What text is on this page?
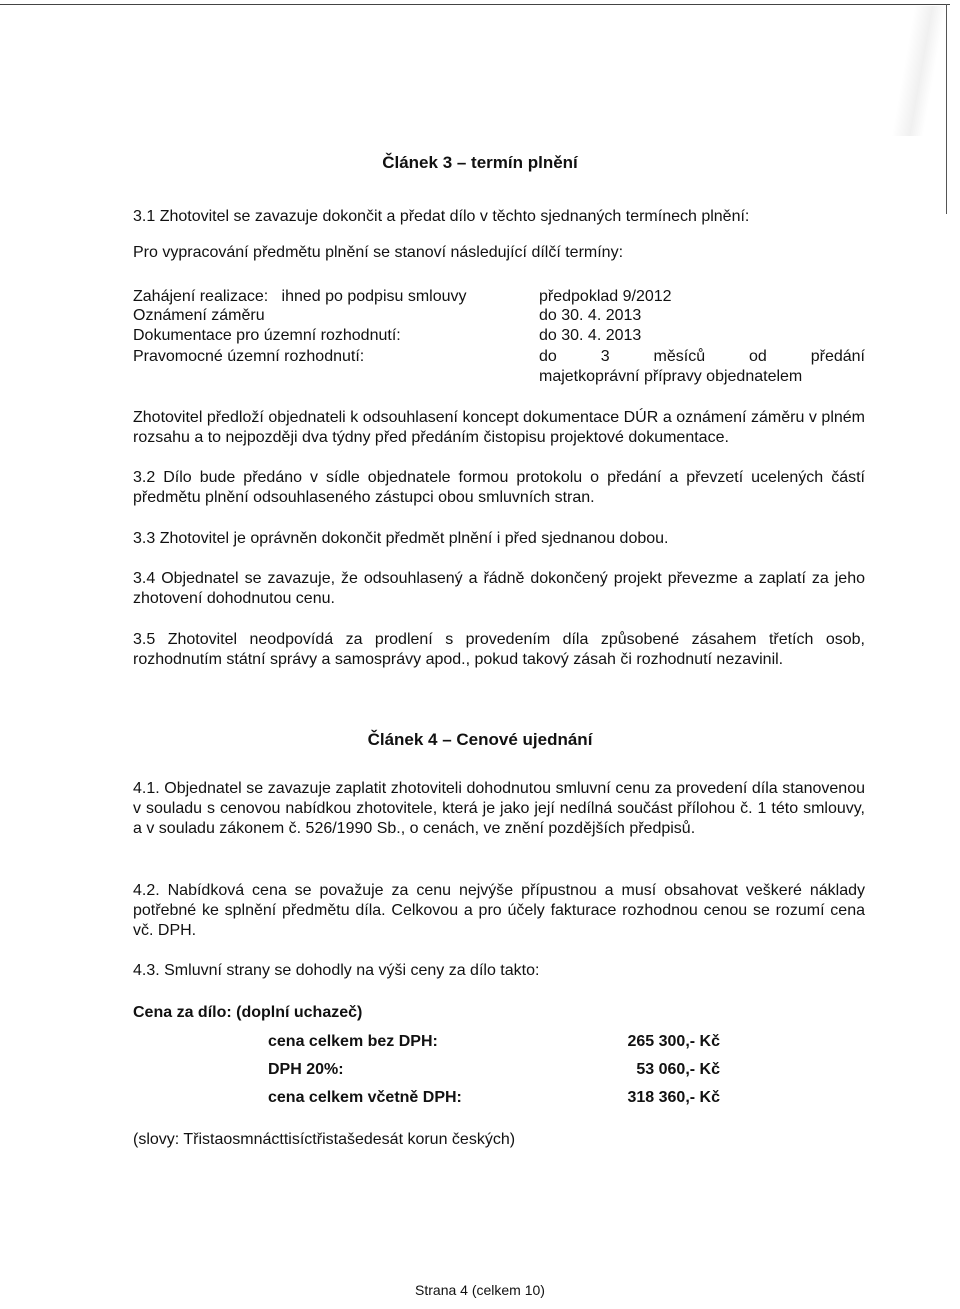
Článek 3 – termín plnění

3.1 Zhotovitel se zavazuje dokončit a předat dílo v těchto sjednaných termínech plnění:

Pro vypracování předmětu plnění se stanoví následující dílčí termíny:

Zahájení realizace:   ihned po podpisu smlouvy	předpoklad 9/2012
Oznámení záměru	do 30. 4. 2013
Dokumentace pro územní rozhodnutí:	do 30. 4. 2013
Pravomocné územní rozhodnutí:	do 3 měsíců od předání
majetkoprávní přípravy objednatelem

Zhotovitel předloží objednateli k odsouhlasení koncept dokumentace DÚR a oznámení záměru v plném rozsahu a to nejpozději dva týdny před předáním čistopisu projektové dokumentace.

3.2 Dílo bude předáno v sídle objednatele formou protokolu o předání a převzetí ucelených částí předmětu plnění odsouhlaseného zástupci obou smluvních stran.

3.3 Zhotovitel je oprávněn dokončit předmět plnění i před sjednanou dobou.

3.4 Objednatel se zavazuje, že odsouhlasený a řádně dokončený projekt převezme a zaplatí za jeho zhotovení dohodnutou cenu.

3.5 Zhotovitel neodpovídá za prodlení s provedením díla způsobené zásahem třetích osob, rozhodnutím státní správy a samosprávy apod., pokud takový zásah či rozhodnutí nezavinil.

Článek 4 – Cenové ujednání

4.1. Objednatel se zavazuje zaplatit zhotoviteli dohodnutou smluvní cenu za provedení díla stanovenou v souladu s cenovou nabídkou zhotovitele, která je jako její nedílná součást přílohou č. 1 této smlouvy, a v souladu zákonem č. 526/1990 Sb., o cenách, ve znění pozdějších předpisů.

4.2. Nabídková cena se považuje za cenu nejvýše přípustnou a musí obsahovat veškeré náklady potřebné ke splnění předmětu díla. Celkovou a pro účely fakturace rozhodnou cenou se rozumí cena vč. DPH.

4.3. Smluvní strany se dohodly na výši ceny za dílo takto:

Cena za dílo: (doplní uchazeč)
cena celkem bez DPH:	265 300,- Kč
DPH 20%:	53 060,- Kč
cena celkem včetně DPH:	318 360,- Kč

(slovy: Třistaosmnácttisíctřistašedesát korun českých)

Strana 4 (celkem 10)
